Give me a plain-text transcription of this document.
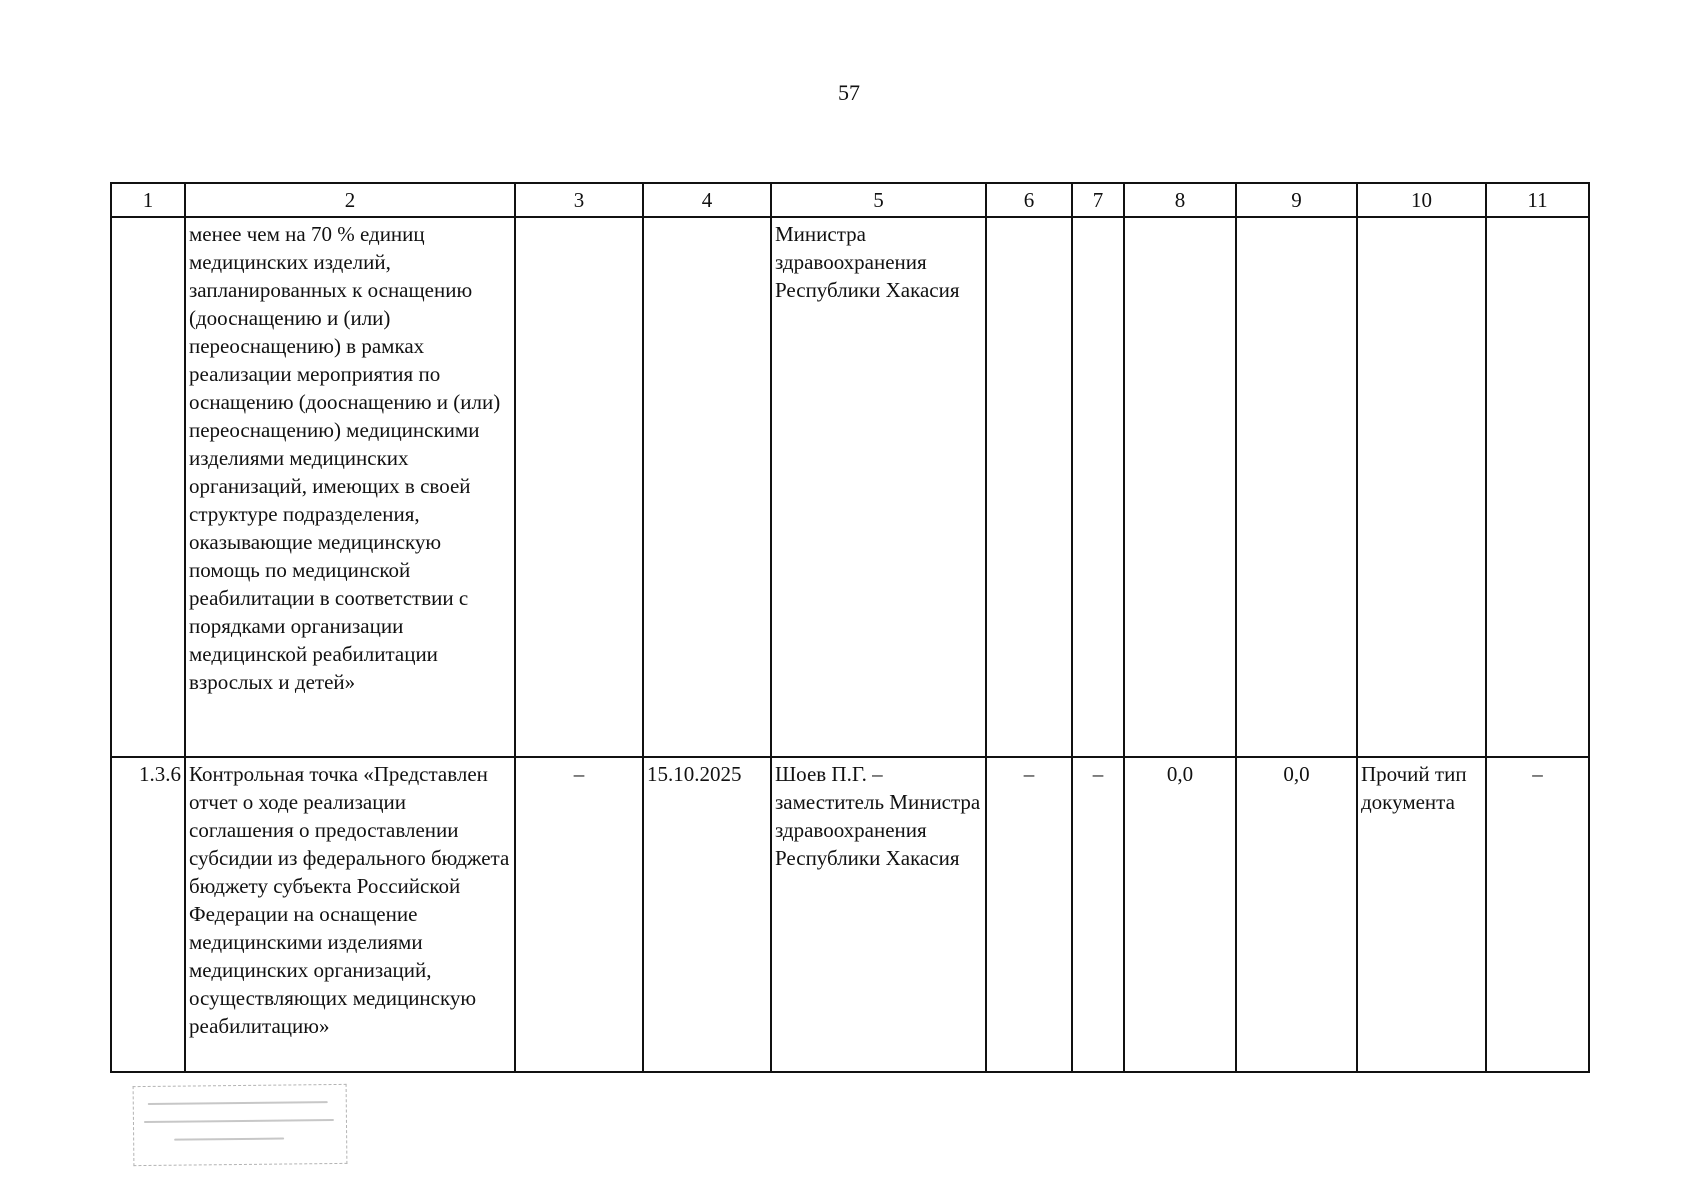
57
1	2	3	4	5	6	7	8	9	10	11
	менее чем на 70 % единиц медицинских изделий, запланированных к оснащению (дооснащению и (или) переоснащению) в рамках реализации мероприятия по оснащению (дооснащению и (или) переоснащению) медицинскими изделиями медицинских организаций, имеющих в своей структуре подразделения, оказывающие медицинскую помощь по медицинской реабилитации в соответствии с порядками организации медицинской реабилитации взрослых и детей»			Министра здравоохранения Республики Хакасия						
1.3.6	Контрольная точка «Представлен отчет о ходе реализации соглашения о предоставлении субсидии из федерального бюджета бюджету субъекта Российской Федерации на оснащение медицинскими изделиями медицинских организаций, осуществляющих медицинскую реабилитацию»	–	15.10.2025	Шоев П.Г. – заместитель Министра здравоохранения Республики Хакасия	–	–	0,0	0,0	Прочий тип документа	–
